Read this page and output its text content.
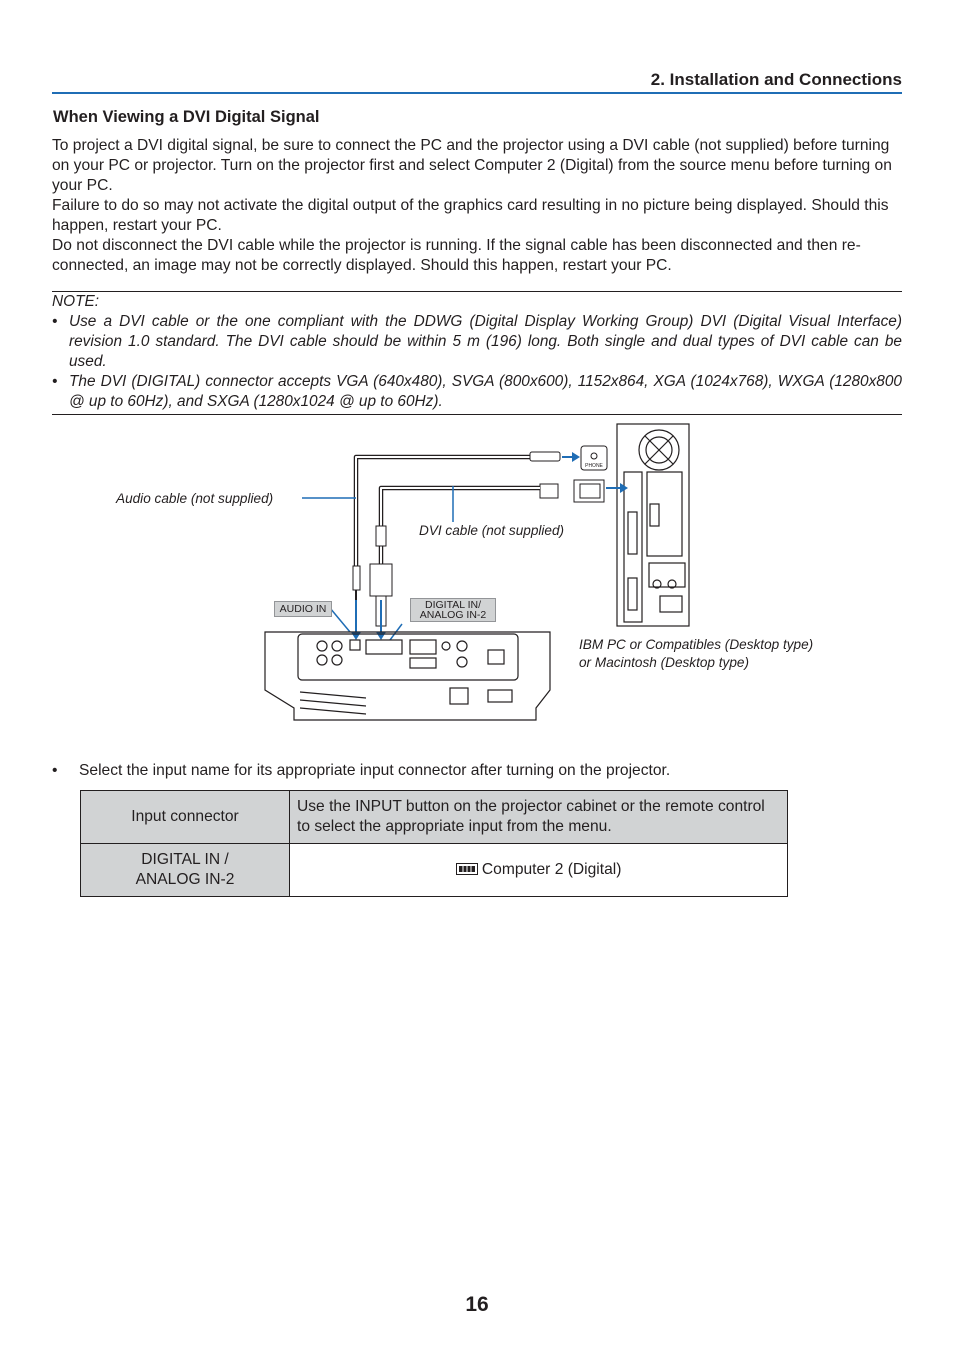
2. Installation and Connections
When Viewing a DVI Digital Signal

To project a DVI digital signal, be sure to connect the PC and the projector using a DVI cable (not supplied) before turning on your PC or projector. Turn on the projector first and select Computer 2 (Digital) from the source menu before turning on your PC.

Failure to do so may not activate the digital output of the graphics card resulting in no picture being displayed. Should this happen, restart your PC.

Do not disconnect the DVI cable while the projector is running. If the signal cable has been disconnected and then re-connected, an image may not be correctly displayed. Should this happen, restart your PC.

NOTE:
• Use a DVI cable or the one compliant with the DDWG (Digital Display Working Group) DVI (Digital Visual Interface) revision 1.0 standard. The DVI cable should be within 5 m (196) long. Both single and dual types of DVI cable can be used.
• The DVI (DIGITAL) connector accepts VGA (640x480), SVGA (800x600), 1152x864, XGA (1024x768), WXGA (1280x800 @ up to 60Hz), and SXGA (1280x1024 @ up to 60Hz).
PHONE
Audio cable (not supplied)
DVI cable (not supplied)
AUDIO IN	DIGITAL IN/
ANALOG IN-2
IBM PC or Compatibles (Desktop type)
or Macintosh (Desktop type)
•	Select the input name for its appropriate input connector after turning on the projector.
Input connector	Use the INPUT button on the projector cabinet or the remote control to select the appropriate input from the menu.

DIGITAL IN /
ANALOG IN-2	Computer 2 (Digital)
16
